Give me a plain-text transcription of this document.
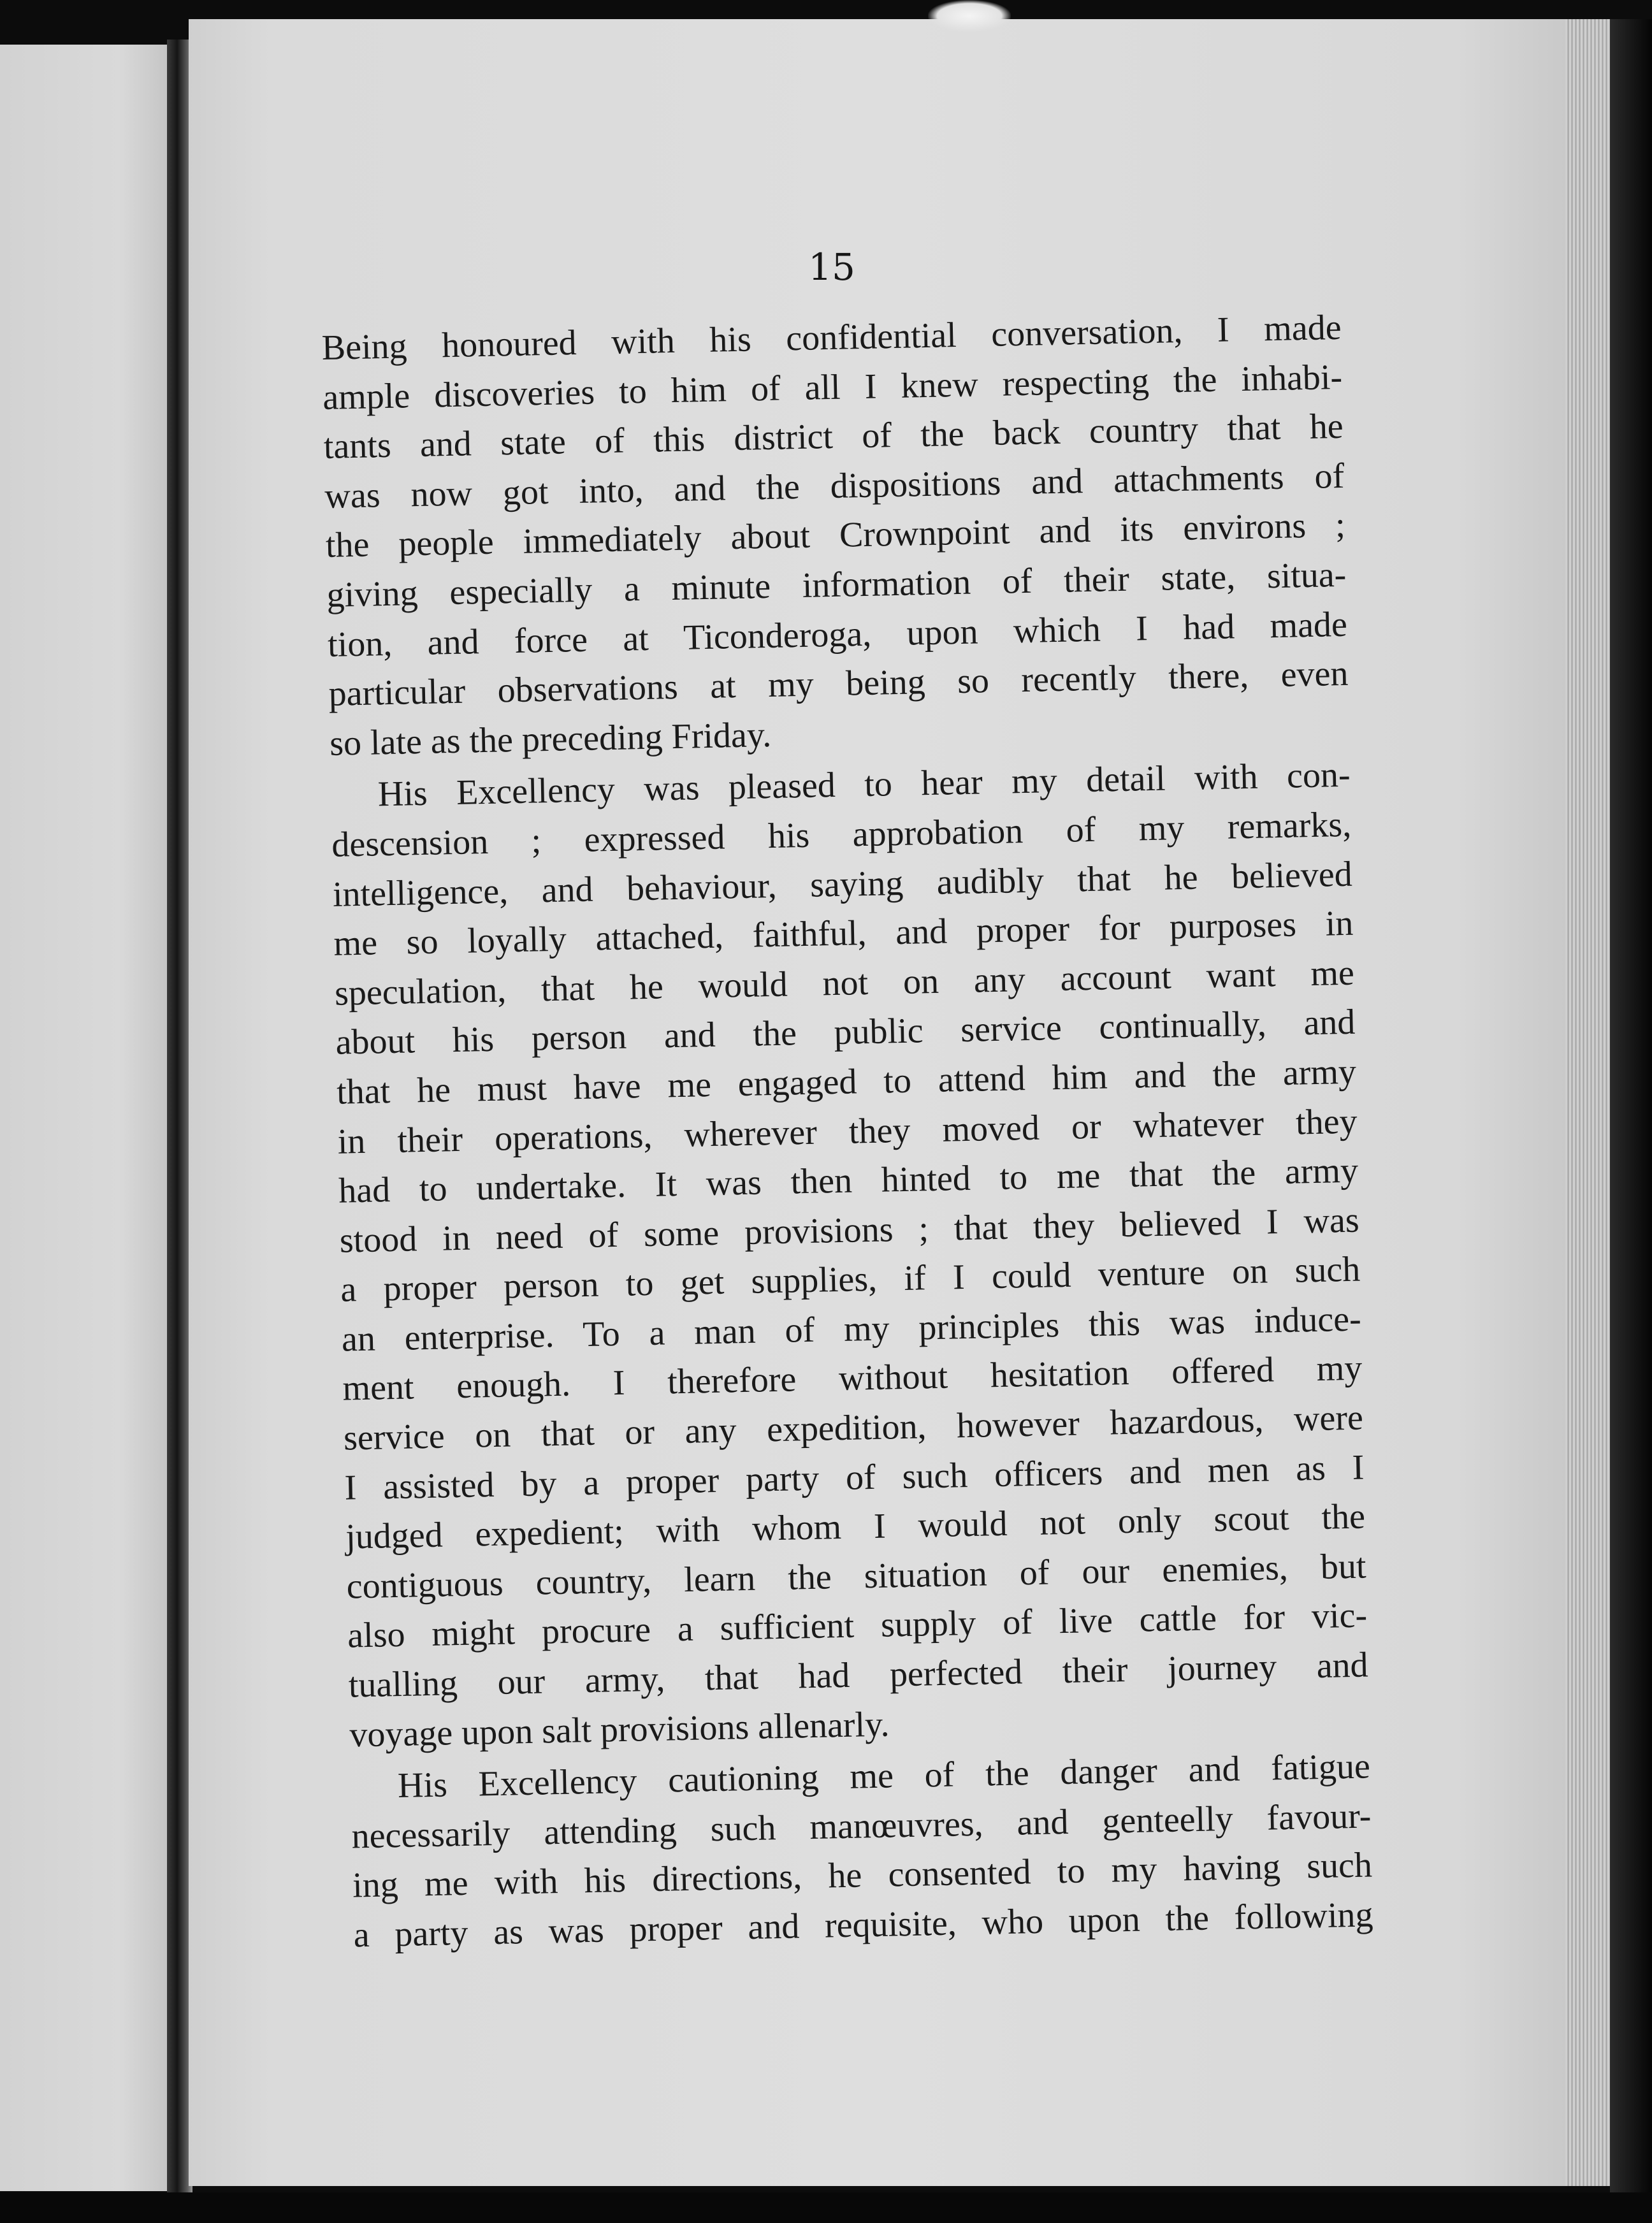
15
Being honoured with his confidential conversation, I made
ample discoveries to him of all I knew respecting the inhabi-
tants and state of this district of the back country that he
was now got into, and the dispositions and attachments of
the people immediately about Crownpoint and its environs ;
giving especially a minute information of their state, situa-
tion, and force at Ticonderoga, upon which I had made
particular observations at my being so recently there, even
so late as the preceding Friday.
His Excellency was pleased to hear my detail with con-
descension ; expressed his approbation of my remarks,
intelligence, and behaviour, saying audibly that he believed
me so loyally attached, faithful, and proper for purposes in
speculation, that he would not on any account want me
about his person and the public service continually, and
that he must have me engaged to attend him and the army
in their operations, wherever they moved or whatever they
had to undertake. It was then hinted to me that the army
stood in need of some provisions ; that they believed I was
a proper person to get supplies, if I could venture on such
an enterprise. To a man of my principles this was induce-
ment enough. I therefore without hesitation offered my
service on that or any expedition, however hazardous, were
I assisted by a proper party of such officers and men as I
judged expedient; with whom I would not only scout the
contiguous country, learn the situation of our enemies, but
also might procure a sufficient supply of live cattle for vic-
tualling our army, that had perfected their journey and
voyage upon salt provisions allenarly.
His Excellency cautioning me of the danger and fatigue
necessarily attending such manœuvres, and genteelly favour-
ing me with his directions, he consented to my having such
a party as was proper and requisite, who upon the following
